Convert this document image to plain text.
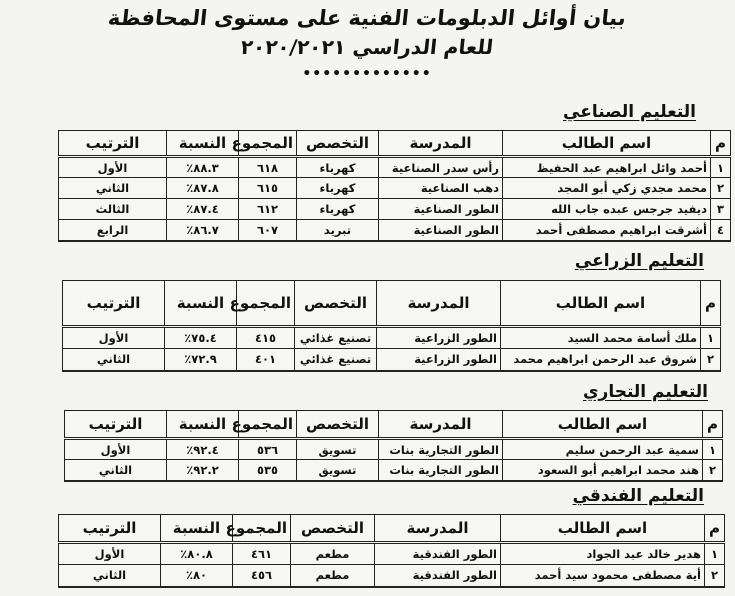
بيان أوائل الدبلومات الفنية على مستوى المحافظة
للعام الدراسي ٢٠٢٠/٢٠٢١
•••••••••••••
التعليم الصناعي
م	اسم الطالب	المدرسة	التخصص	المجموع	النسبة	الترتيب
١	أحمد وائل ابراهيم عبد الحفيظ	رأس سدر الصناعية	كهرباء	٦١٨	٨٨.٣٪	الأول
٢	محمد مجدي زكي أبو المجد	دهب الصناعية	كهرباء	٦١٥	٨٧.٨٪	الثاني
٣	ديفيد جرجس عبده جاب الله	الطور الصناعية	كهرباء	٦١٢	٨٧.٤٪	الثالث
٤	أشرقت ابراهيم مصطفى أحمد	الطور الصناعية	تبريد	٦٠٧	٨٦.٧٪	الرابع
التعليم الزراعي
م	اسم الطالب	المدرسة	التخصص	المجموع	النسبة	الترتيب
١	ملك أسامة محمد السيد	الطور الزراعية	تصنيع غذائي	٤١٥	٧٥.٤٪	الأول
٢	شروق عبد الرحمن ابراهيم محمد	الطور الزراعية	تصنيع غذائي	٤٠١	٧٢.٩٪	الثاني
التعليم التجاري
م	اسم الطالب	المدرسة	التخصص	المجموع	النسبة	الترتيب
١	سمية عبد الرحمن سليم	الطور التجارية بنات	تسويق	٥٣٦	٩٢.٤٪	الأول
٢	هند محمد ابراهيم أبو السعود	الطور التجارية بنات	تسويق	٥٣٥	٩٢.٢٪	الثاني
التعليم الفندقي
م	اسم الطالب	المدرسة	التخصص	المجموع	النسبة	الترتيب
١	هدير خالد عبد الجواد	الطور الفندقية	مطعم	٤٦١	٨٠.٨٪	الأول
٢	أية مصطفى محمود سيد أحمد	الطور الفندقية	مطعم	٤٥٦	٨٠٪	الثاني
